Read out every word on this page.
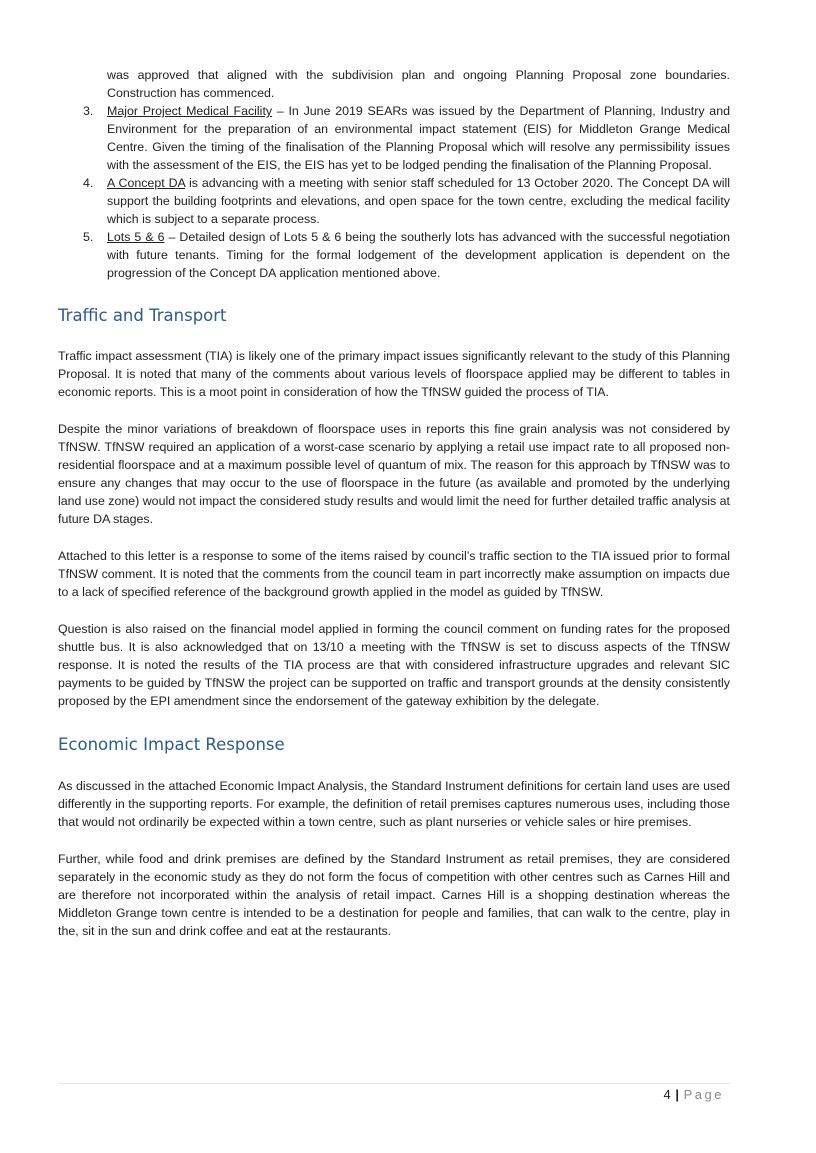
was approved that aligned with the subdivision plan and ongoing Planning Proposal zone boundaries. Construction has commenced.

3. Major Project Medical Facility – In June 2019 SEARs was issued by the Department of Planning, Industry and Environment for the preparation of an environmental impact statement (EIS) for Middleton Grange Medical Centre. Given the timing of the finalisation of the Planning Proposal which will resolve any permissibility issues with the assessment of the EIS, the EIS has yet to be lodged pending the finalisation of the Planning Proposal.
4. A Concept DA is advancing with a meeting with senior staff scheduled for 13 October 2020. The Concept DA will support the building footprints and elevations, and open space for the town centre, excluding the medical facility which is subject to a separate process.
5. Lots 5 & 6 – Detailed design of Lots 5 & 6 being the southerly lots has advanced with the successful negotiation with future tenants. Timing for the formal lodgement of the development application is dependent on the progression of the Concept DA application mentioned above.
Traffic and Transport

Traffic impact assessment (TIA) is likely one of the primary impact issues significantly relevant to the study of this Planning Proposal. It is noted that many of the comments about various levels of floorspace applied may be different to tables in economic reports. This is a moot point in consideration of how the TfNSW guided the process of TIA.

Despite the minor variations of breakdown of floorspace uses in reports this fine grain analysis was not considered by TfNSW. TfNSW required an application of a worst-case scenario by applying a retail use impact rate to all proposed non-residential floorspace and at a maximum possible level of quantum of mix. The reason for this approach by TfNSW was to ensure any changes that may occur to the use of floorspace in the future (as available and promoted by the underlying land use zone) would not impact the considered study results and would limit the need for further detailed traffic analysis at future DA stages.

Attached to this letter is a response to some of the items raised by council’s traffic section to the TIA issued prior to formal TfNSW comment. It is noted that the comments from the council team in part incorrectly make assumption on impacts due to a lack of specified reference of the background growth applied in the model as guided by TfNSW.

Question is also raised on the financial model applied in forming the council comment on funding rates for the proposed shuttle bus. It is also acknowledged that on 13/10 a meeting with the TfNSW is set to discuss aspects of the TfNSW response. It is noted the results of the TIA process are that with considered infrastructure upgrades and relevant SIC payments to be guided by TfNSW the project can be supported on traffic and transport grounds at the density consistently proposed by the EPI amendment since the endorsement of the gateway exhibition by the delegate.

Economic Impact Response

As discussed in the attached Economic Impact Analysis, the Standard Instrument definitions for certain land uses are used differently in the supporting reports. For example, the definition of retail premises captures numerous uses, including those that would not ordinarily be expected within a town centre, such as plant nurseries or vehicle sales or hire premises.

Further, while food and drink premises are defined by the Standard Instrument as retail premises, they are considered separately in the economic study as they do not form the focus of competition with other centres such as Carnes Hill and are therefore not incorporated within the analysis of retail impact. Carnes Hill is a shopping destination whereas the Middleton Grange town centre is intended to be a destination for people and families, that can walk to the centre, play in the, sit in the sun and drink coffee and eat at the restaurants.

4 | Page
